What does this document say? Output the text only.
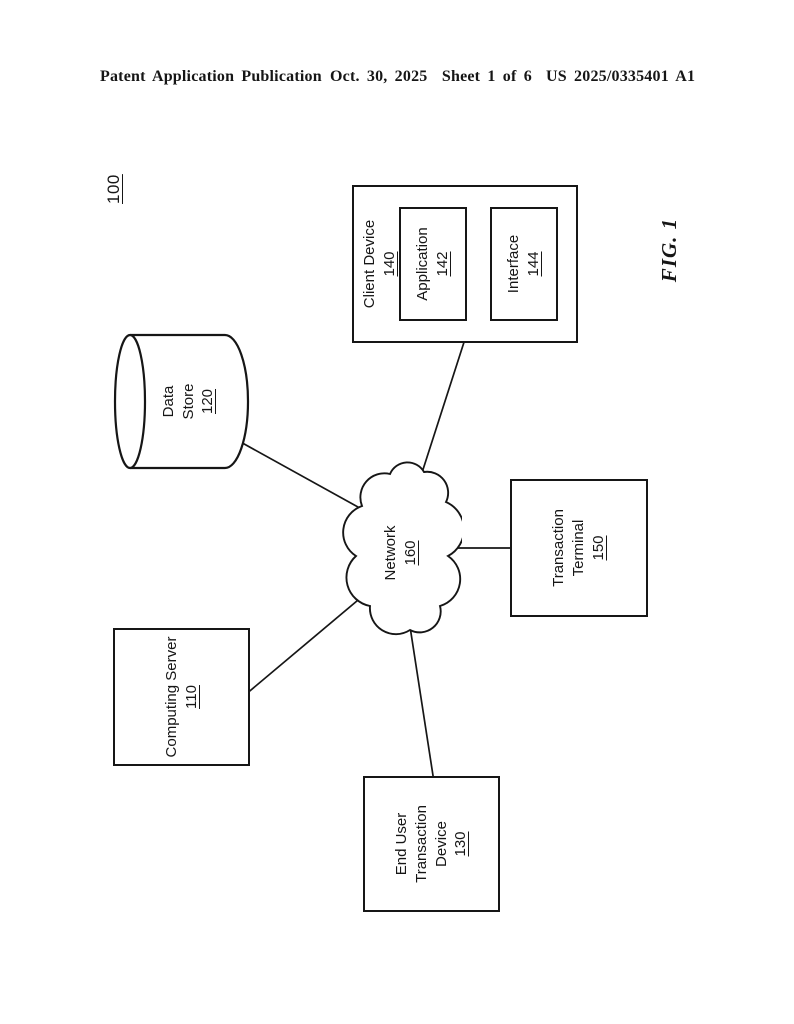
Patent Application Publication Oct. 30, 2025  Sheet 1 of 6 US 2025/0335401 A1
100
Computing Server 110
Data Store 120
Network 160
Client Device 140 Application 142	Interface 144
Transaction Terminal 150
End User Transaction Device 130
FIG. 1
